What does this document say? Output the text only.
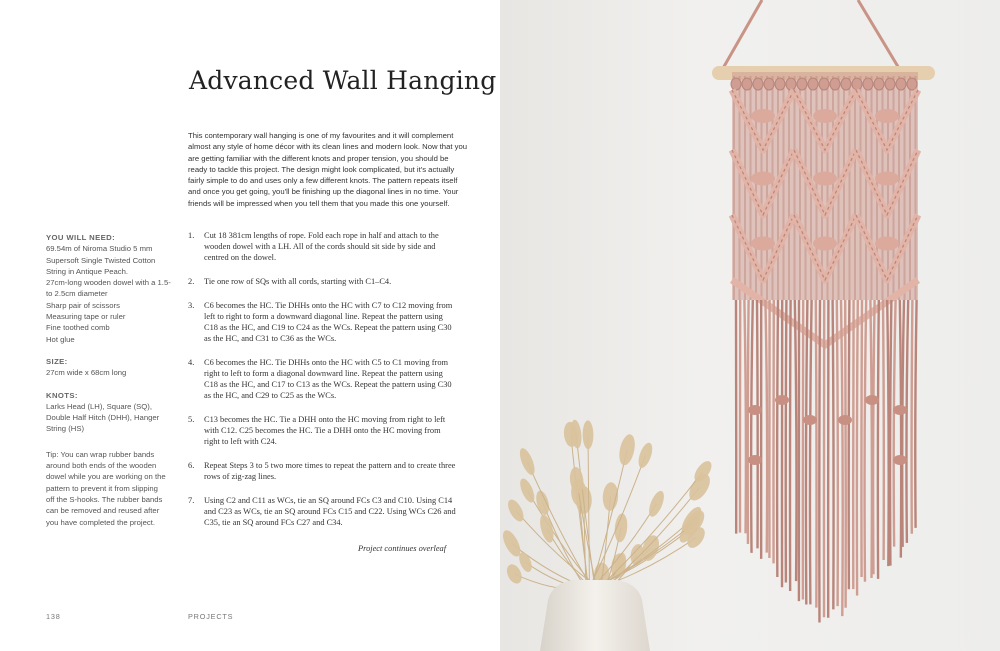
Advanced Wall Hanging

This contemporary wall hanging is one of my favourites and it will complement almost any style of home décor with its clean lines and modern look. Now that you are getting familiar with the different knots and proper tension, you should be ready to tackle this project. The design might look complicated, but it's actually fairly simple to do and uses only a few different knots. The pattern repeats itself and once you get going, you'll be finishing up the diagonal lines in no time. Your friends will be impressed when you tell them that you made this one yourself.

YOU WILL NEED:
69.54m of Niroma Studio 5 mm
Supersoft Single Twisted Cotton
String in Antique Peach.
27cm-long wooden dowel with a 1.5-
to 2.5cm diameter
Sharp pair of scissors
Measuring tape or ruler
Fine toothed comb
Hot glue
SIZE:
27cm wide x 68cm long
KNOTS:
Larks Head (LH), Square (SQ),
Double Half Hitch (DHH), Hanger
String (HS)
Tip: You can wrap rubber bands
around both ends of the wooden
dowel while you are working on the
pattern to prevent it from slipping
off the S-hooks. The rubber bands
can be removed and reused after
you have completed the project.
1.	Cut 18 381cm lengths of rope. Fold each rope in half and attach to the wooden dowel with a LH. All of the cords should sit side by side and centred on the dowel.
2.	Tie one row of SQs with all cords, starting with C1–C4.
3.	C6 becomes the HC. Tie DHHs onto the HC with C7 to C12 moving from left to right to form a downward diagonal line. Repeat the pattern using C18 as the HC, and C19 to C24 as the WCs. Repeat the pattern using C30 as the HC, and C31 to C36 as the WCs.
4.	C6 becomes the HC. Tie DHHs onto the HC with C5 to C1 moving from right to left to form a diagonal downward line. Repeat the pattern using C18 as the HC, and C17 to C13 as the WCs. Repeat the pattern using C30 as the HC, and C29 to C25 as the WCs.
5.	C13 becomes the HC. Tie a DHH onto the HC moving from right to left with C12. C25 becomes the HC. Tie a DHH onto the HC moving from right to left with C24.
6.	Repeat Steps 3 to 5 two more times to repeat the pattern and to create three rows of zig-zag lines.
7.	Using C2 and C11 as WCs, tie an SQ around FCs C3 and C10. Using C14 and C23 as WCs, tie an SQ around FCs C15 and C22. Using WCs C26 and C35, tie an SQ around FCs C27 and C34.
Project continues overleaf
138	PROJECTS
